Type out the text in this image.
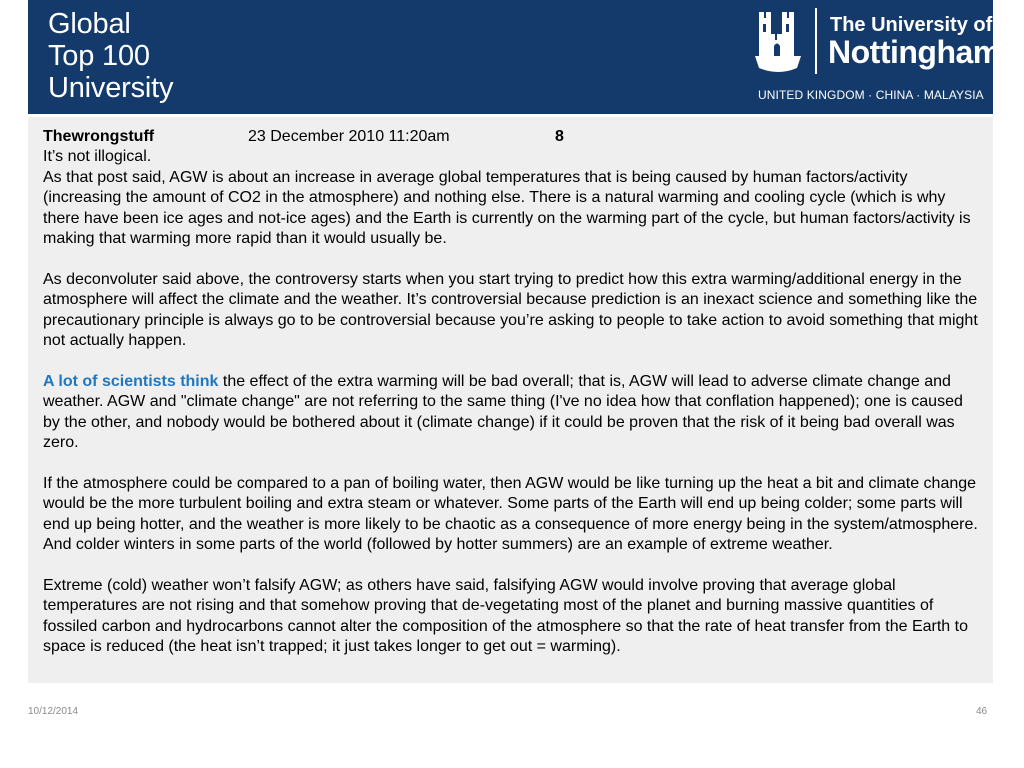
Global
Top 100
University
The University of
Nottingham
UNITED KINGDOM · CHINA · MALAYSIA
Thewrongstuff	23 December 2010 11:20am	8

It’s not illogical.

As that post said, AGW is about an increase in average global temperatures that is being caused by human factors/activity (increasing the amount of CO2 in the atmosphere) and nothing else. There is a natural warming and cooling cycle (which is why there have been ice ages and not-ice ages) and the Earth is currently on the warming part of the cycle, but human factors/activity is making that warming more rapid than it would usually be.

As deconvoluter said above, the controversy starts when you start trying to predict how this extra warming/additional energy in the atmosphere will affect the climate and the weather. It’s controversial because prediction is an inexact science and something like the precautionary principle is always go to be controversial because you’re asking to people to take action to avoid something that might not actually happen.

A lot of scientists think the effect of the extra warming will be bad overall; that is, AGW will lead to adverse climate change and weather. AGW and "climate change" are not referring to the same thing (I've no idea how that conflation happened); one is caused by the other, and nobody would be bothered about it (climate change) if it could be proven that the risk of it being bad overall was zero.

If the atmosphere could be compared to a pan of boiling water, then AGW would be like turning up the heat a bit and climate change would be the more turbulent boiling and extra steam or whatever. Some parts of the Earth will end up being colder; some parts will end up being hotter, and the weather is more likely to be chaotic as a consequence of more energy being in the system/atmosphere. And colder winters in some parts of the world (followed by hotter summers) are an example of extreme weather.

Extreme (cold) weather won’t falsify AGW; as others have said, falsifying AGW would involve proving that average global temperatures are not rising and that somehow proving that de-vegetating most of the planet and burning massive quantities of fossiled carbon and hydrocarbons cannot alter the composition of the atmosphere so that the rate of heat transfer from the Earth to space is reduced (the heat isn’t trapped; it just takes longer to get out = warming).

10/12/2014	46
